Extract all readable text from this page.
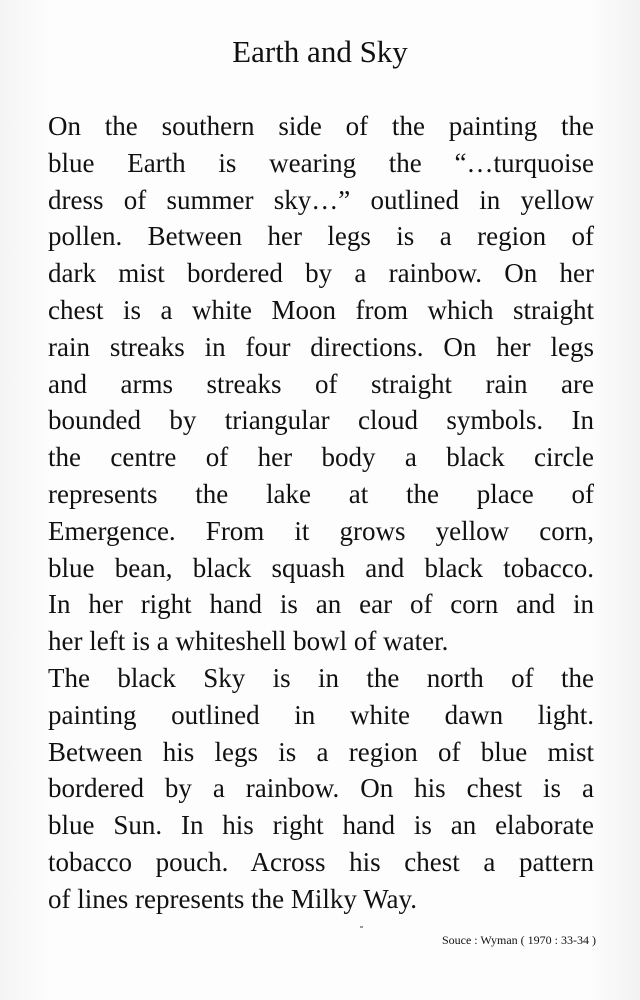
Earth and Sky

On the southern side of the painting the
blue Earth is wearing the “…turquoise
dress of summer sky…” outlined in yellow
pollen. Between her legs is a region of
dark mist bordered by a rainbow. On her
chest is a white Moon from which straight
rain streaks in four directions. On her legs
and arms streaks of straight rain are
bounded by triangular cloud symbols. In
the centre of her body a black circle
represents the lake at the place of
Emergence. From it grows yellow corn,
blue bean, black squash and black tobacco.
In her right hand is an ear of corn and in
her left is a whiteshell bowl of water.

The black Sky is in the north of the
painting outlined in white dawn light.
Between his legs is a region of blue mist
bordered by a rainbow. On his chest is a
blue Sun. In his right hand is an elaborate
tobacco pouch. Across his chest a pattern
of lines represents the Milky Way.

Souce : Wyman ( 1970 : 33-34 )
